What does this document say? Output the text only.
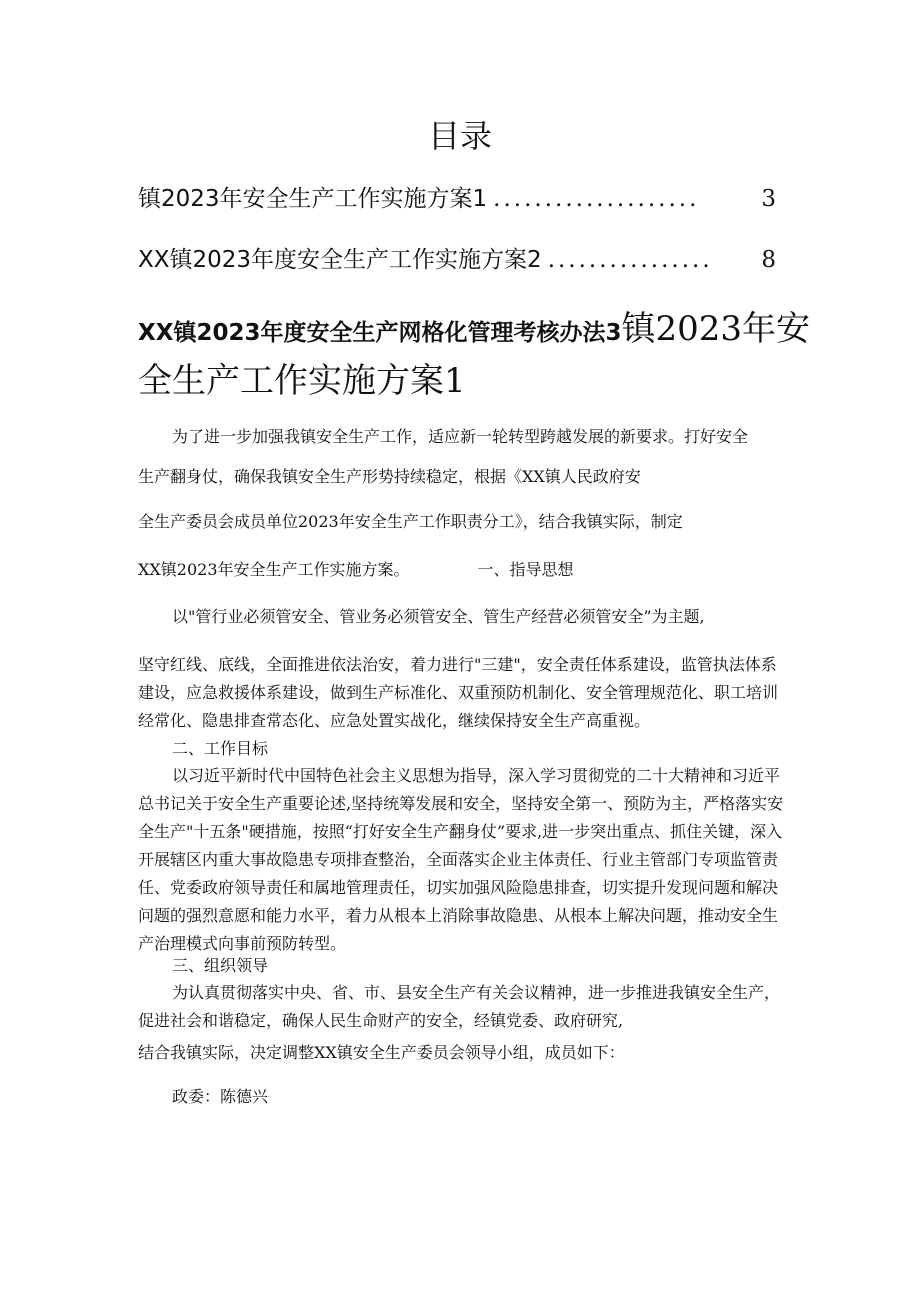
目录
镇2023年安全生产工作实施方案1 ....................	3
XX镇2023年度安全生产工作实施方案2 ................	8
XX镇2023年度安全生产网格化管理考核办法3镇2023年安
全生产工作实施方案1

为了进一步加强我镇安全生产工作，适应新一轮转型跨越发展的新要求。打好安全

生产翻身仗，确保我镇安全生产形势持续稳定，根据《XX镇人民政府安
全生产委员会成员单位2023年安全生产工作职责分工》，结合我镇实际，制定
XX镇2023年安全生产工作实施方案。	一、指导思想
以"管行业必须管安全、管业务必须管安全、管生产经营必须管安全”为主题,

坚守红线、底线，全面推进依法治安，着力进行"三建"，安全责任体系建设，监管执法体系建设，应急救援体系建设，做到生产标准化、双重预防机制化、安全管理规范化、职工培训经常化、隐患排查常态化、应急处置实战化，继续保持安全生产高重视。

二、工作目标

以习近平新时代中国特色社会主义思想为指导，深入学习贯彻党的二十大精神和习近平总书记关于安全生产重要论述,坚持统筹发展和安全，坚持安全第一、预防为主，严格落实安全生产"十五条"硬措施，按照“打好安全生产翻身仗”要求,进一步突出重点、抓住关键，深入开展辖区内重大事故隐患专项排查整治，全面落实企业主体责任、行业主管部门专项监管责任、党委政府领导责任和属地管理责任，切实加强风险隐患排查，切实提升发现问题和解决问题的强烈意愿和能力水平，着力从根本上消除事故隐患、从根本上解决问题，推动安全生产治理模式向事前预防转型。

三、组织领导

为认真贯彻落实中央、省、市、县安全生产有关会议精神，进一步推进我镇安全生产，促进社会和谐稳定，确保人民生命财产的安全，经镇党委、政府研究,

结合我镇实际，决定调整XX镇安全生产委员会领导小组，成员如下：
政委：陈德兴
